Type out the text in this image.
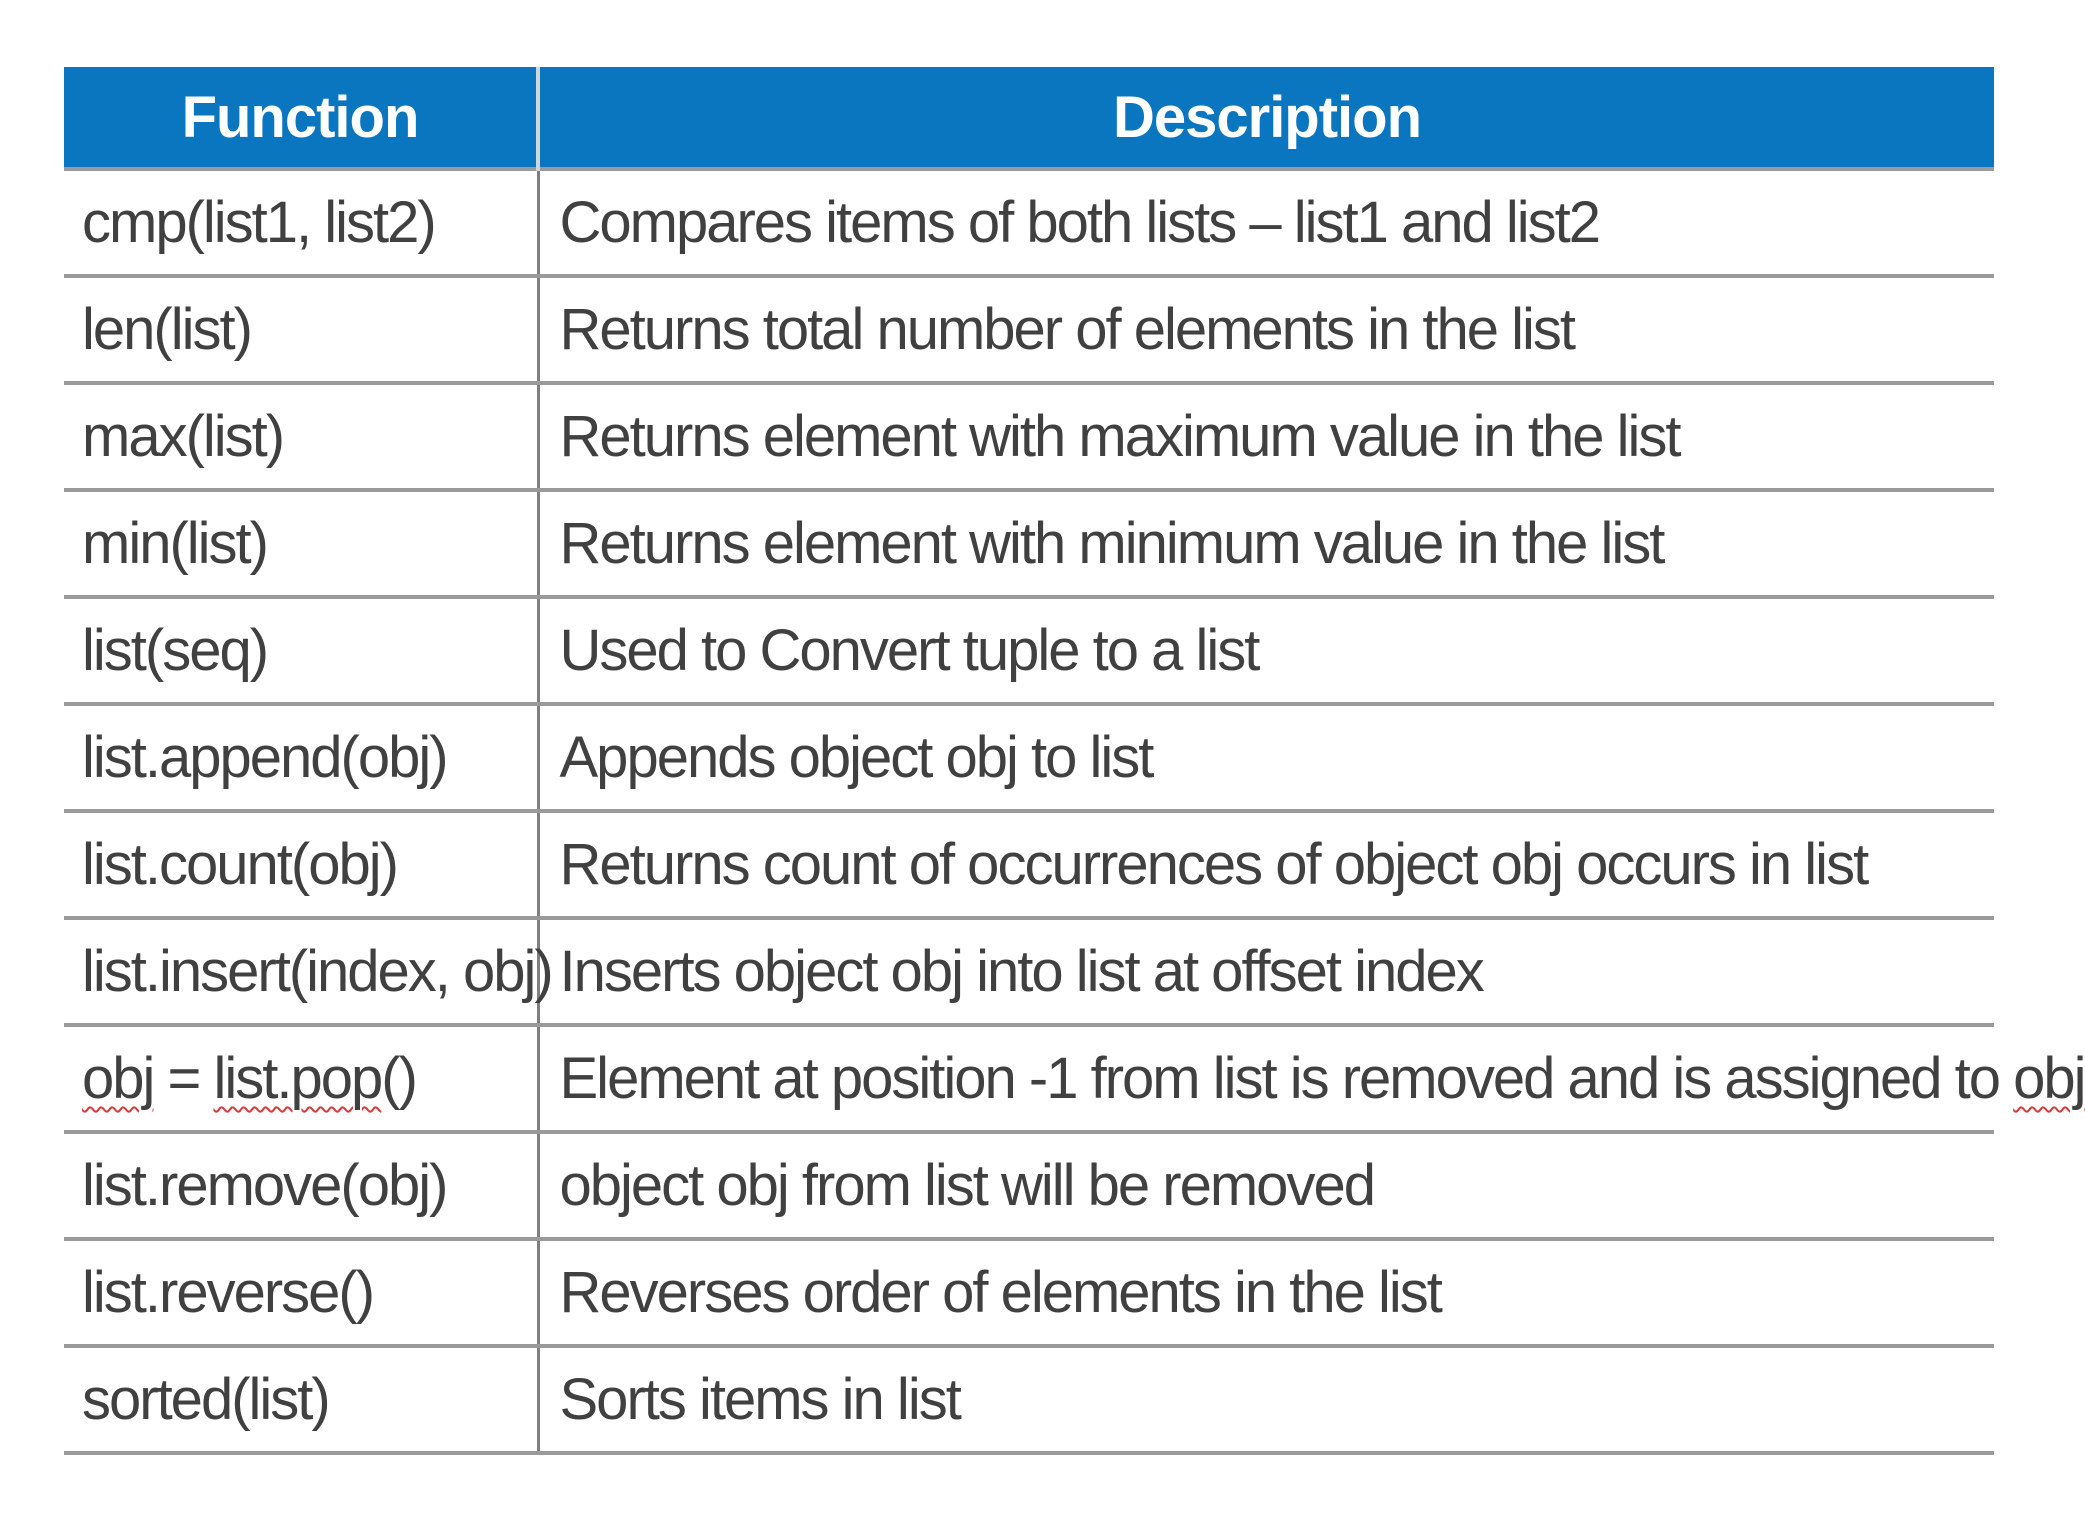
Function	Description
cmp(list1, list2)	Compares items of both lists – list1 and list2
len(list)	Returns total number of elements in the list
max(list)	Returns element with maximum value in the list
min(list)	Returns element with minimum value in the list
list(seq)	Used to Convert tuple to a list
list.append(obj)	Appends object obj to list
list.count(obj)	Returns count of occurrences of object obj occurs in list
list.insert(index, obj)	Inserts object obj into list at offset index
obj = list.pop()	Element at position -1 from list is removed and is assigned to obj
list.remove(obj)	object obj from list will be removed
list.reverse()	Reverses order of elements in the list
sorted(list)	Sorts items in list
